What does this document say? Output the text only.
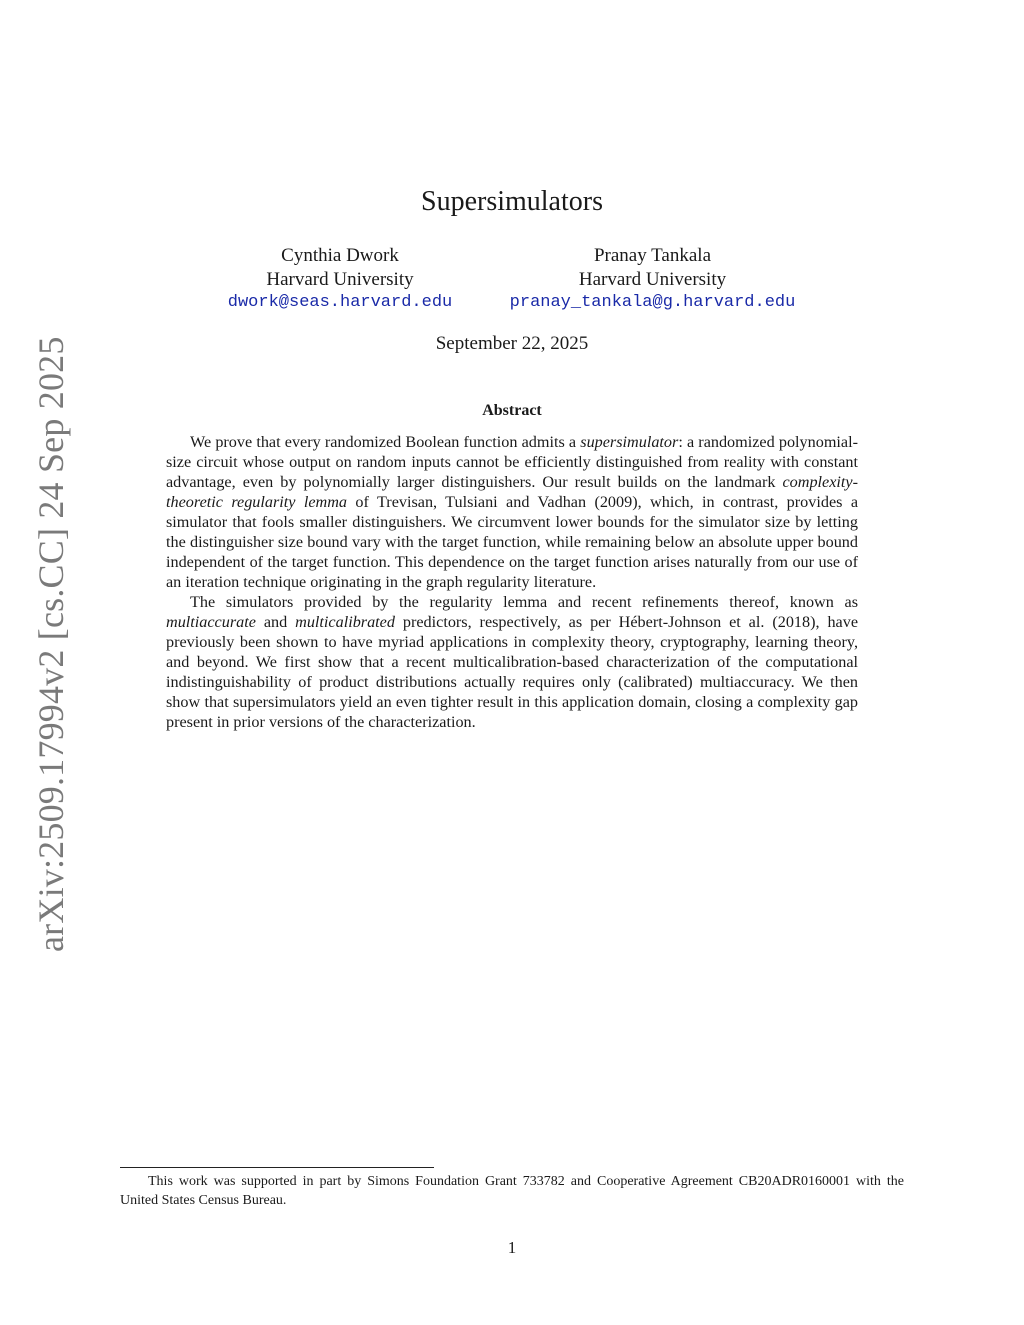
arXiv:2509.17994v2 [cs.CC] 24 Sep 2025
Supersimulators
Cynthia Dwork
Harvard University
dwork@seas.harvard.edu
Pranay Tankala
Harvard University
pranay_tankala@g.harvard.edu
September 22, 2025
Abstract

We prove that every randomized Boolean function admits a supersimulator: a randomized polynomial-size circuit whose output on random inputs cannot be efficiently distinguished from reality with constant advantage, even by polynomially larger distinguishers. Our result builds on the landmark complexity-theoretic regularity lemma of Trevisan, Tulsiani and Vadhan (2009), which, in contrast, provides a simulator that fools smaller distinguishers. We circumvent lower bounds for the simulator size by letting the distinguisher size bound vary with the target function, while remaining below an absolute upper bound independent of the target function. This dependence on the target function arises naturally from our use of an iteration technique originating in the graph regularity literature.

The simulators provided by the regularity lemma and recent refinements thereof, known as multiaccurate and multicalibrated predictors, respectively, as per Hébert-Johnson et al. (2018), have previously been shown to have myriad applications in complexity theory, cryptography, learning theory, and beyond. We first show that a recent multicalibration-based characterization of the computational indistinguishability of product distributions actually requires only (calibrated) multiaccuracy. We then show that supersimulators yield an even tighter result in this application domain, closing a complexity gap present in prior versions of the characterization.

This work was supported in part by Simons Foundation Grant 733782 and Cooperative Agreement CB20ADR0160001 with the United States Census Bureau.

1
